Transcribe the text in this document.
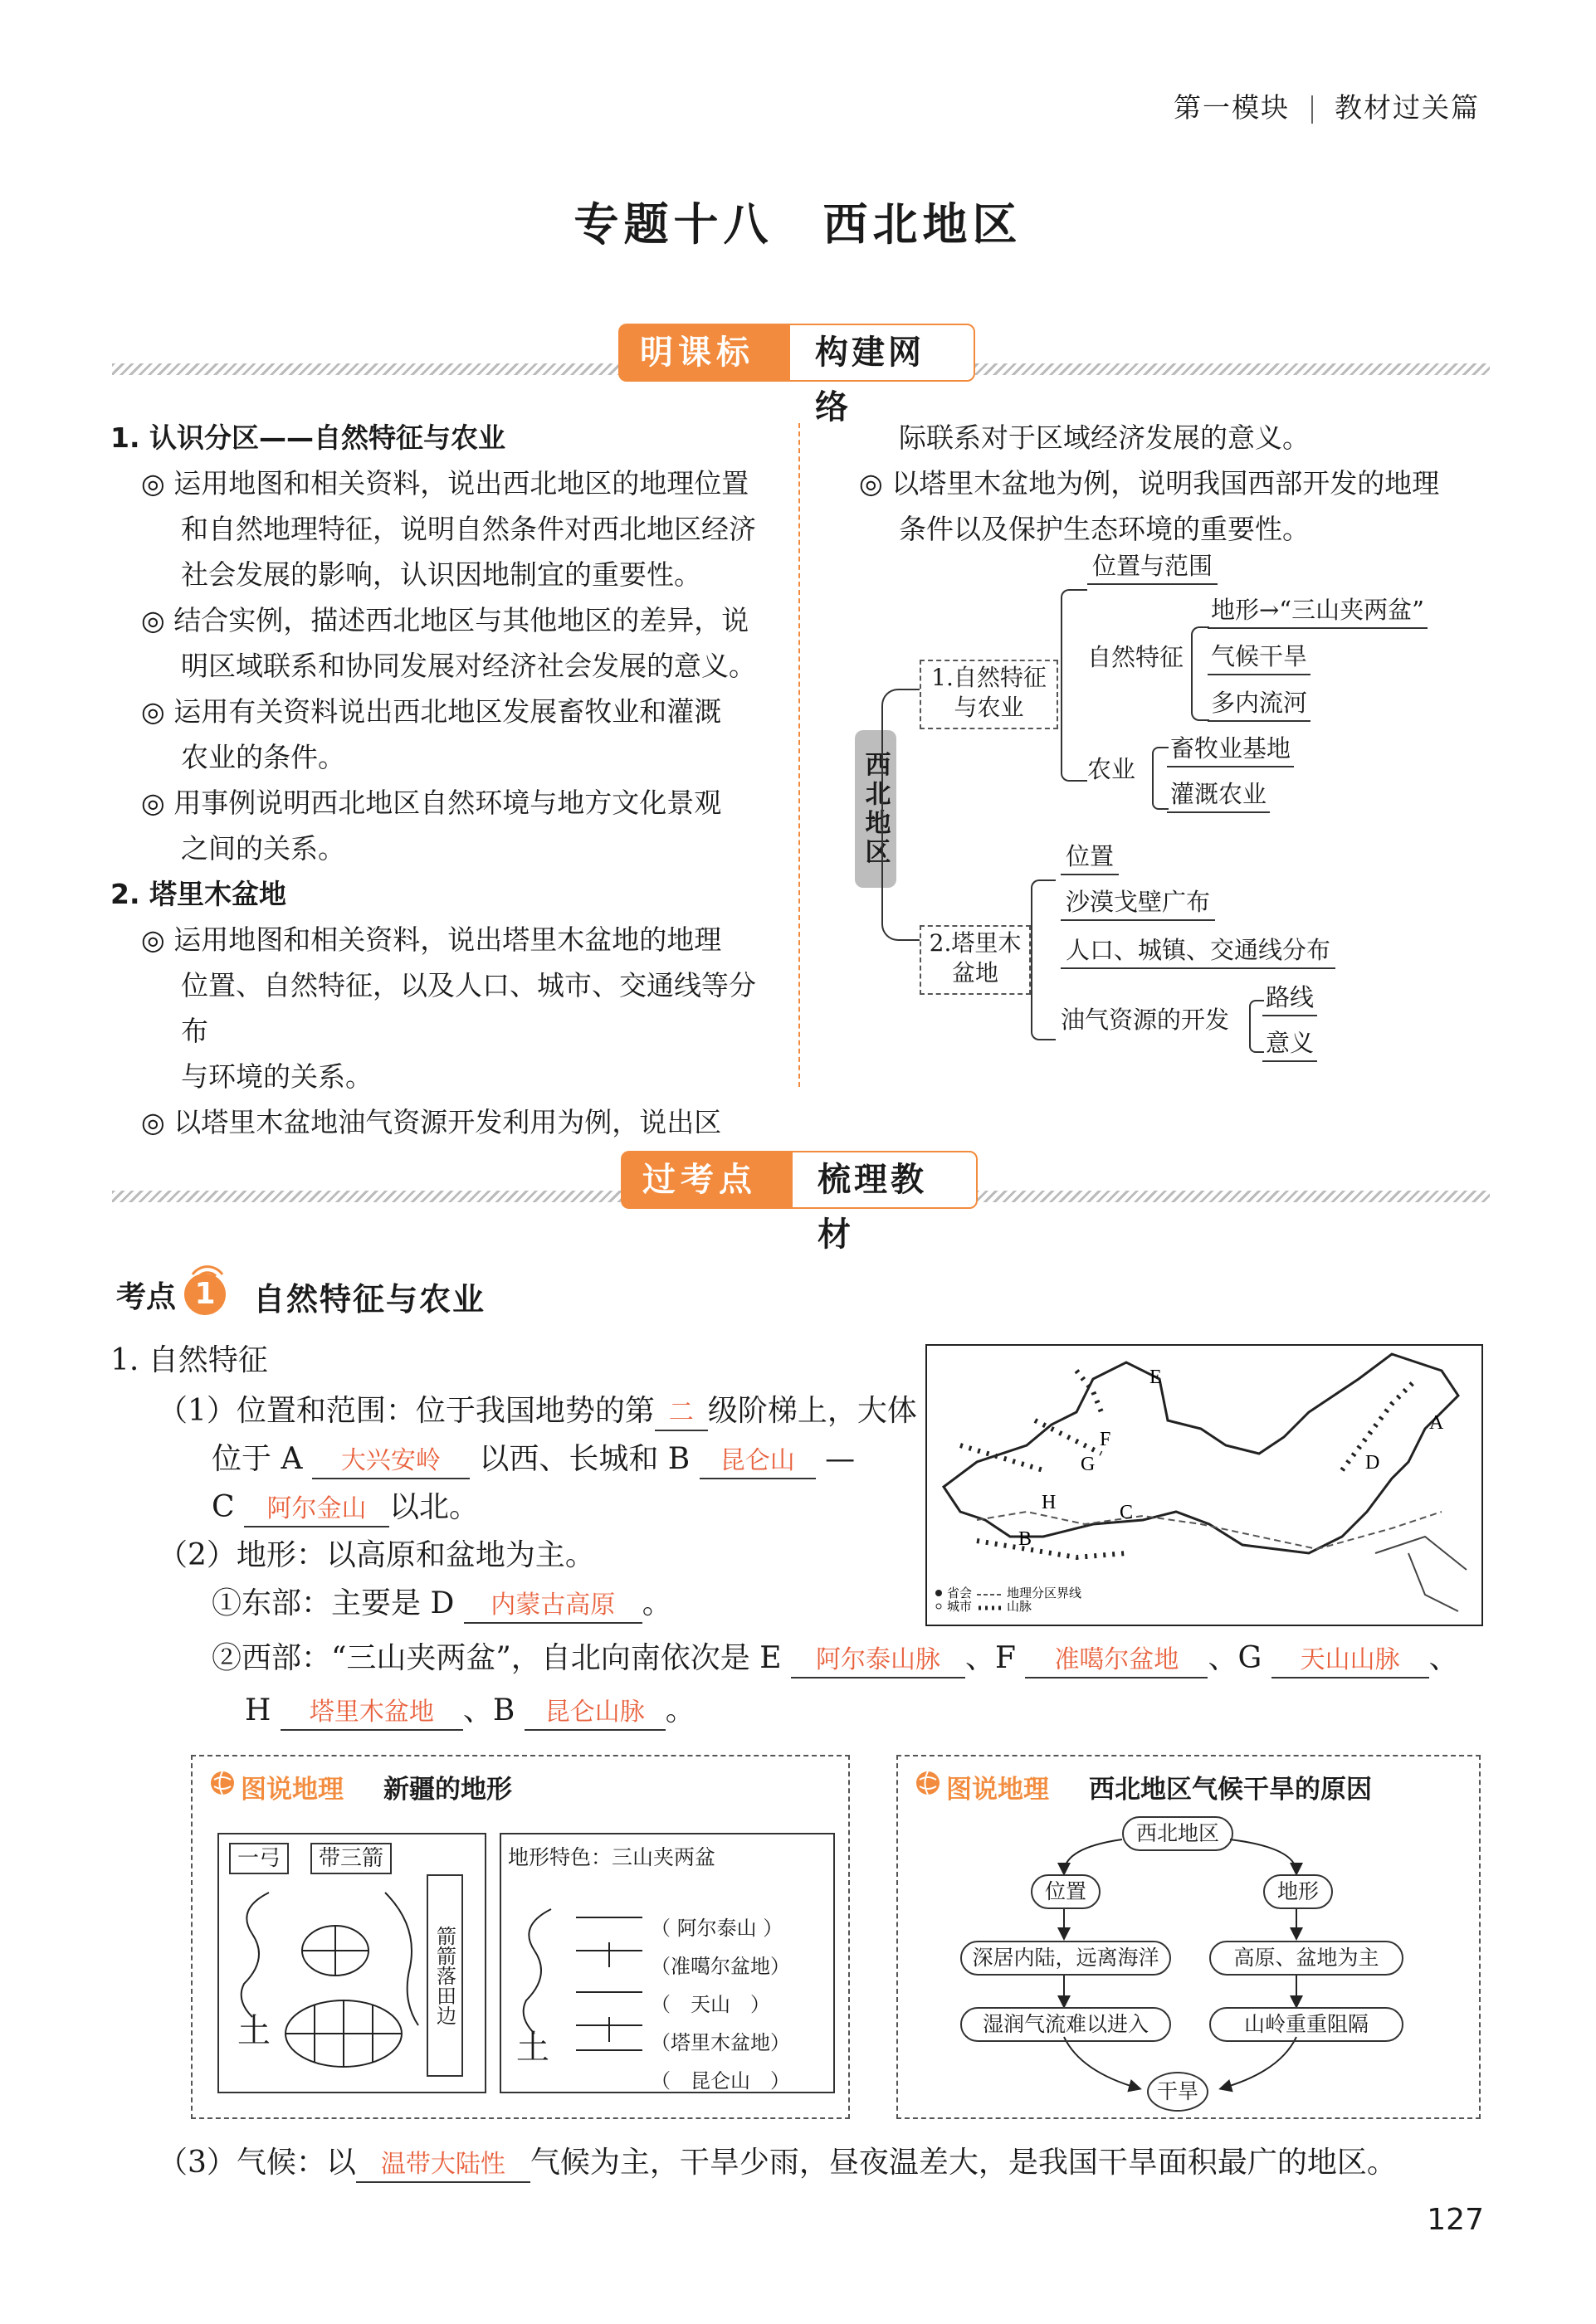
第一模块 教材过关篇
专题十八　西北地区
明课标	构建网络
1. 认识分区——自然特征与农业
◎ 运用地图和相关资料，说出西北地区的地理位置
和自然地理特征，说明自然条件对西北地区经济
社会发展的影响，认识因地制宜的重要性。
◎ 结合实例，描述西北地区与其他地区的差异，说
明区域联系和协同发展对经济社会发展的意义。
◎ 运用有关资料说出西北地区发展畜牧业和灌溉
农业的条件。
◎ 用事例说明西北地区自然环境与地方文化景观
之间的关系。
2. 塔里木盆地
◎ 运用地图和相关资料，说出塔里木盆地的地理
位置、自然特征，以及人口、城市、交通线等分布
与环境的关系。
◎ 以塔里木盆地油气资源开发利用为例，说出区
际联系对于区域经济发展的意义。
◎ 以塔里木盆地为例，说明我国西部开发的地理
条件以及保护生态环境的重要性。
西北地区
1.自然特征与农业
2.塔里木盆地
位置与范围
自然特征
地形→“三山夹两盆”
气候干旱
多内流河
农业
畜牧业基地
灌溉农业
位置
沙漠戈壁广布
人口、城镇、交通线分布
油气资源的开发
路线
意义
过考点	梳理教材
考点 1	自然特征与农业
1. 自然特征
（1）位置和范围：位于我国地势的第 二 级阶梯上，大体
位于 A 大兴安岭 以西、长城和 B 昆仑山 —
C 阿尔金山 以北。
（2）地形：以高原和盆地为主。
①东部：主要是 D 内蒙古高原 。
②西部：“三山夹两盆”，自北向南依次是 E 阿尔泰山脉 、F 准噶尔盆地 、G 天山山脉 、
H 塔里木盆地 、B 昆仑山脉 。
E
A
F
G	D
H	C
B
省会
城市
地理分区界线
山脉
图说地理 新疆的地形
一弓	带三箭
箭箭落田边
土
地形特色：三山夹两盆
土
（ 阿尔泰山 ）
（准噶尔盆地）
（　天山　）
（塔里木盆地）
（　昆仑山　）
图说地理 西北地区气候干旱的原因
西北地区
位置	地形
深居内陆，远离海洋	高原、盆地为主
湿润气流难以进入	山岭重重阻隔
干旱
（3）气候：以 温带大陆性 气候为主，干旱少雨，昼夜温差大，是我国干旱面积最广的地区。
127
